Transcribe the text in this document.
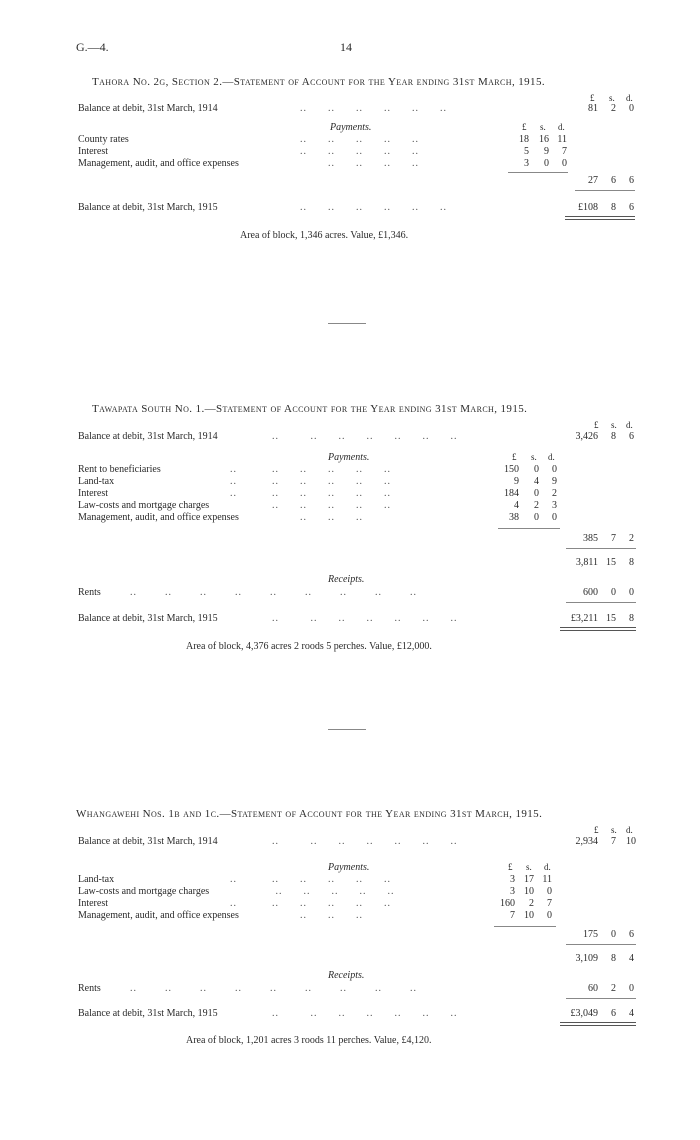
G.—4.	14
Tahora No. 2g, Section 2.—Statement of Account for the Year ending 31st March, 1915.
£ s. d.
Balance at debit, 31st March, 1914	..      ..      ..      ..      ..      ..	81	2	0
Payments.	£ s. d.
County rates	18	16 11
Interest	5	9	7
Management, audit, and office expenses	3	0	0
..      ..      ..      ..      ..
..      ..      ..      ..      ..
..      ..      ..      ..
27	6	6
Balance at debit, 31st March, 1915	..      ..      ..      ..      ..      ..	£108	8	6
Area of block, 1,346 acres. Value, £1,346.
Tawapata South No. 1.—Statement of Account for the Year ending 31st March, 1915.
£ s. d.
Balance at debit, 31st March, 1914	..         ..      ..      ..      ..      ..      ..	3,426	8	6
Payments.	£ s. d.
Rent to beneficiaries	150	0	0
Land-tax	9	4	9
Interest	184	0	2
Law-costs and mortgage charges	4	2	3
Management, audit, and office expenses	38	0	0
..          ..      ..      ..      ..      ..
..          ..      ..      ..      ..      ..
..          ..      ..      ..      ..      ..
..      ..      ..      ..      ..
..      ..      ..
385	7	2
3,811 15	8
Receipts.
Rents	..        ..        ..        ..        ..        ..        ..        ..        ..	600	0	0
Balance at debit, 31st March, 1915	..         ..      ..      ..      ..      ..      ..	£3,211 15	8
Area of block, 4,376 acres 2 roods 5 perches. Value, £12,000.
Whangawehi Nos. 1b and 1c.—Statement of Account for the Year ending 31st March, 1915.
£ s. d.
Balance at debit, 31st March, 1914	..         ..      ..      ..      ..      ..      ..	2,934	7	10
Payments.	£ s. d.
Land-tax	3 17 11
Law-costs and mortgage charges	3 10	0
Interest	160	2	7
Management, audit, and office expenses	7 10	0
..          ..      ..      ..      ..      ..
..      ..      ..      ..      ..
..          ..      ..      ..      ..      ..
..      ..      ..
175	0	6
3,109	8	4
Receipts.
Rents	..        ..        ..        ..        ..        ..        ..        ..        ..	60	2	0
Balance at debit, 31st March, 1915	..         ..      ..      ..      ..      ..      ..	£3,049	6	4
Area of block, 1,201 acres 3 roods 11 perches. Value, £4,120.
